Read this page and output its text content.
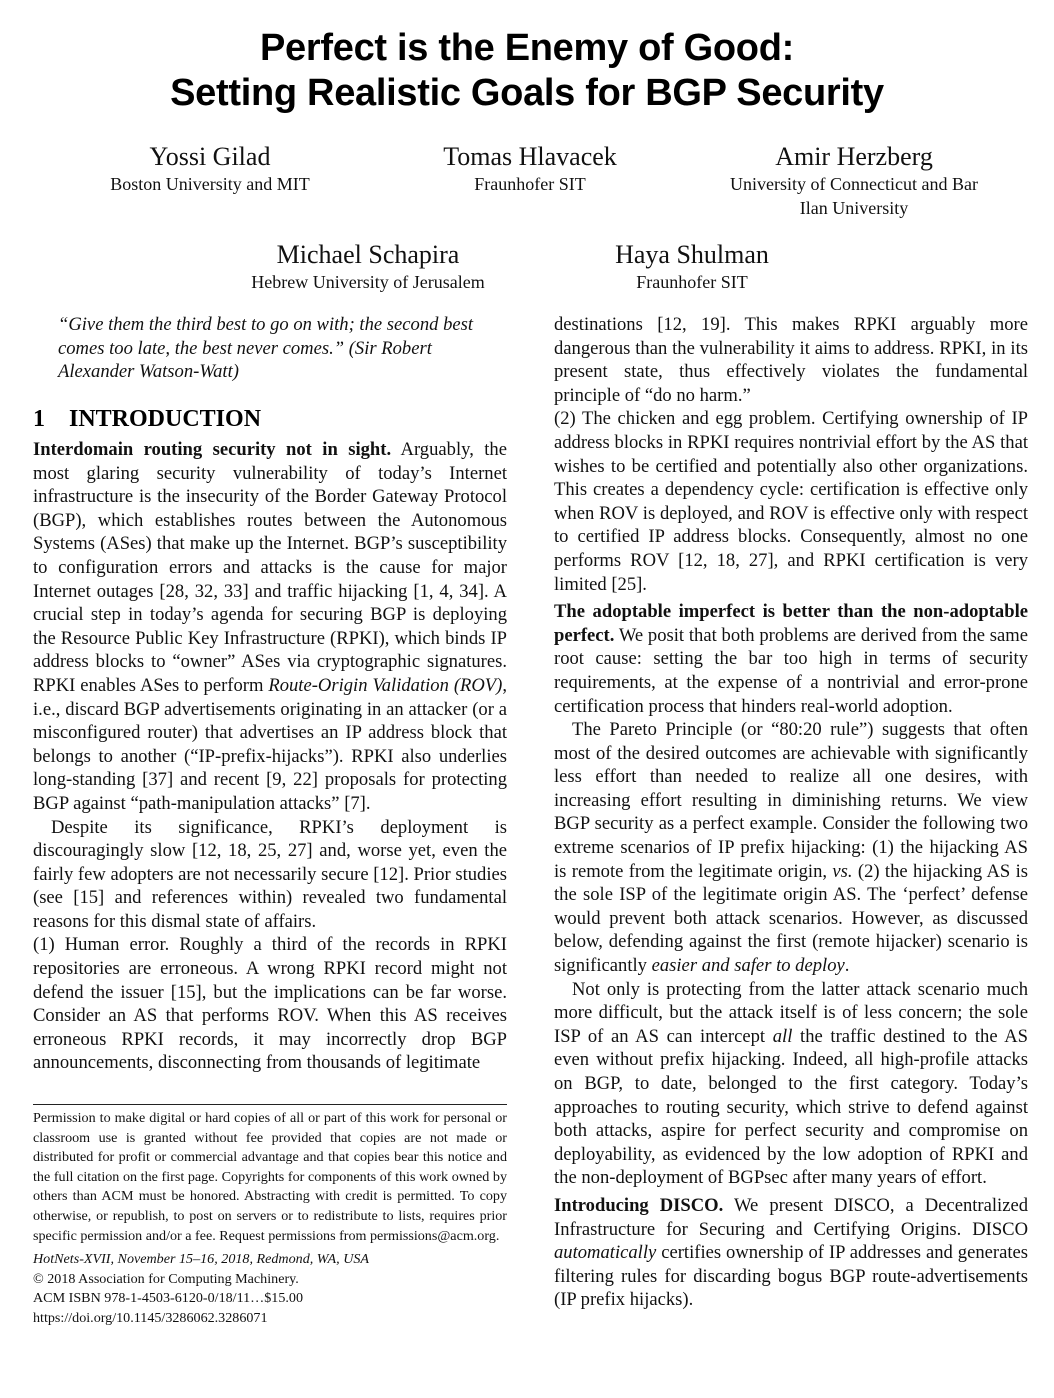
Perfect is the Enemy of Good:
Setting Realistic Goals for BGP Security
Yossi Gilad
Boston University and MIT
Tomas Hlavacek
Fraunhofer SIT
Amir Herzberg
University of Connecticut and Bar
Ilan University
Michael Schapira
Hebrew University of Jerusalem
Haya Shulman
Fraunhofer SIT
“Give them the third best to go on with; the second best comes too late, the best never comes.” (Sir Robert Alexander Watson-Watt)
1 INTRODUCTION

Interdomain routing security not in sight. Arguably, the most glaring security vulnerability of today’s Internet infrastructure is the insecurity of the Border Gateway Protocol (BGP), which establishes routes between the Autonomous Systems (ASes) that make up the Internet. BGP’s susceptibility to configuration errors and attacks is the cause for major Internet outages [28, 32, 33] and traffic hijacking [1, 4, 34]. A crucial step in today’s agenda for securing BGP is deploying the Resource Public Key Infrastructure (RPKI), which binds IP address blocks to “owner” ASes via cryptographic signatures. RPKI enables ASes to perform Route-Origin Validation (ROV), i.e., discard BGP advertisements originating in an attacker (or a misconfigured router) that advertises an IP address block that belongs to another (“IP-prefix-hijacks”). RPKI also underlies long-standing [37] and recent [9, 22] proposals for protecting BGP against “path-manipulation attacks” [7].

Despite its significance, RPKI’s deployment is discouragingly slow [12, 18, 25, 27] and, worse yet, even the fairly few adopters are not necessarily secure [12]. Prior studies (see [15] and references within) revealed two fundamental reasons for this dismal state of affairs.

(1) Human error. Roughly a third of the records in RPKI repositories are erroneous. A wrong RPKI record might not defend the issuer [15], but the implications can be far worse. Consider an AS that performs ROV. When this AS receives erroneous RPKI records, it may incorrectly drop BGP announcements, disconnecting from thousands of legitimate

destinations [12, 19]. This makes RPKI arguably more dangerous than the vulnerability it aims to address. RPKI, in its present state, thus effectively violates the fundamental principle of “do no harm.”

(2) The chicken and egg problem. Certifying ownership of IP address blocks in RPKI requires nontrivial effort by the AS that wishes to be certified and potentially also other organizations. This creates a dependency cycle: certification is effective only when ROV is deployed, and ROV is effective only with respect to certified IP address blocks. Consequently, almost no one performs ROV [12, 18, 27], and RPKI certification is very limited [25].

The adoptable imperfect is better than the non-adoptable perfect. We posit that both problems are derived from the same root cause: setting the bar too high in terms of security requirements, at the expense of a nontrivial and error-prone certification process that hinders real-world adoption.

The Pareto Principle (or “80:20 rule”) suggests that often most of the desired outcomes are achievable with significantly less effort than needed to realize all one desires, with increasing effort resulting in diminishing returns. We view BGP security as a perfect example. Consider the following two extreme scenarios of IP prefix hijacking: (1) the hijacking AS is remote from the legitimate origin, vs. (2) the hijacking AS is the sole ISP of the legitimate origin AS. The ‘perfect’ defense would prevent both attack scenarios. However, as discussed below, defending against the first (remote hijacker) scenario is significantly easier and safer to deploy.

Not only is protecting from the latter attack scenario much more difficult, but the attack itself is of less concern; the sole ISP of an AS can intercept all the traffic destined to the AS even without prefix hijacking. Indeed, all high-profile attacks on BGP, to date, belonged to the first category. Today’s approaches to routing security, which strive to defend against both attacks, aspire for perfect security and compromise on deployability, as evidenced by the low adoption of RPKI and the non-deployment of BGPsec after many years of effort.

Introducing DISCO. We present DISCO, a Decentralized Infrastructure for Securing and Certifying Origins. DISCO automatically certifies ownership of IP addresses and generates filtering rules for discarding bogus BGP route-advertisements (IP prefix hijacks).

Permission to make digital or hard copies of all or part of this work for personal or classroom use is granted without fee provided that copies are not made or distributed for profit or commercial advantage and that copies bear this notice and the full citation on the first page. Copyrights for components of this work owned by others than ACM must be honored. Abstracting with credit is permitted. To copy otherwise, or republish, to post on servers or to redistribute to lists, requires prior specific permission and/or a fee. Request permissions from permissions@acm.org.

HotNets-XVII, November 15–16, 2018, Redmond, WA, USA

© 2018 Association for Computing Machinery.

ACM ISBN 978-1-4503-6120-0/18/11…$15.00

https://doi.org/10.1145/3286062.3286071
